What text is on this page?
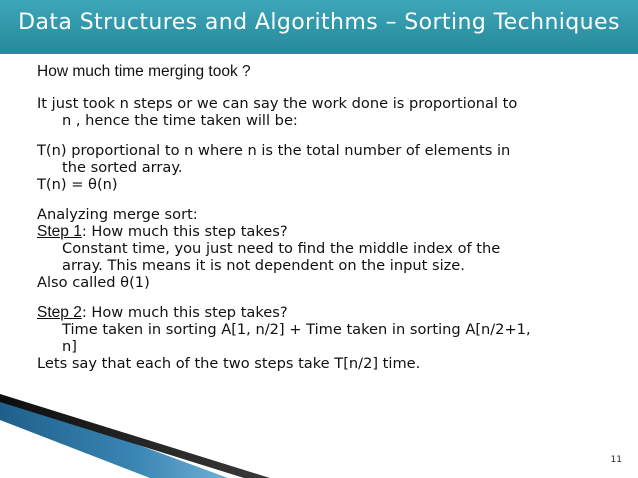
Data Structures and Algorithms – Sorting Techniques
How much time merging took ?
It just took n steps or we can say the work done is proportional to
n , hence the time taken will be:
T(n) proportional to n where n is the total number of elements in
the sorted array.
T(n) = θ(n)
Analyzing merge sort:
Step 1: How much this step takes?
Constant time, you just need to find the middle index of the
array. This means it is not dependent on the input size.
Also called θ(1)
Step 2: How much this step takes?
Time taken in sorting A[1, n/2] + Time taken in sorting A[n/2+1,
n]
Lets say that each of the two steps take T[n/2] time.
11
